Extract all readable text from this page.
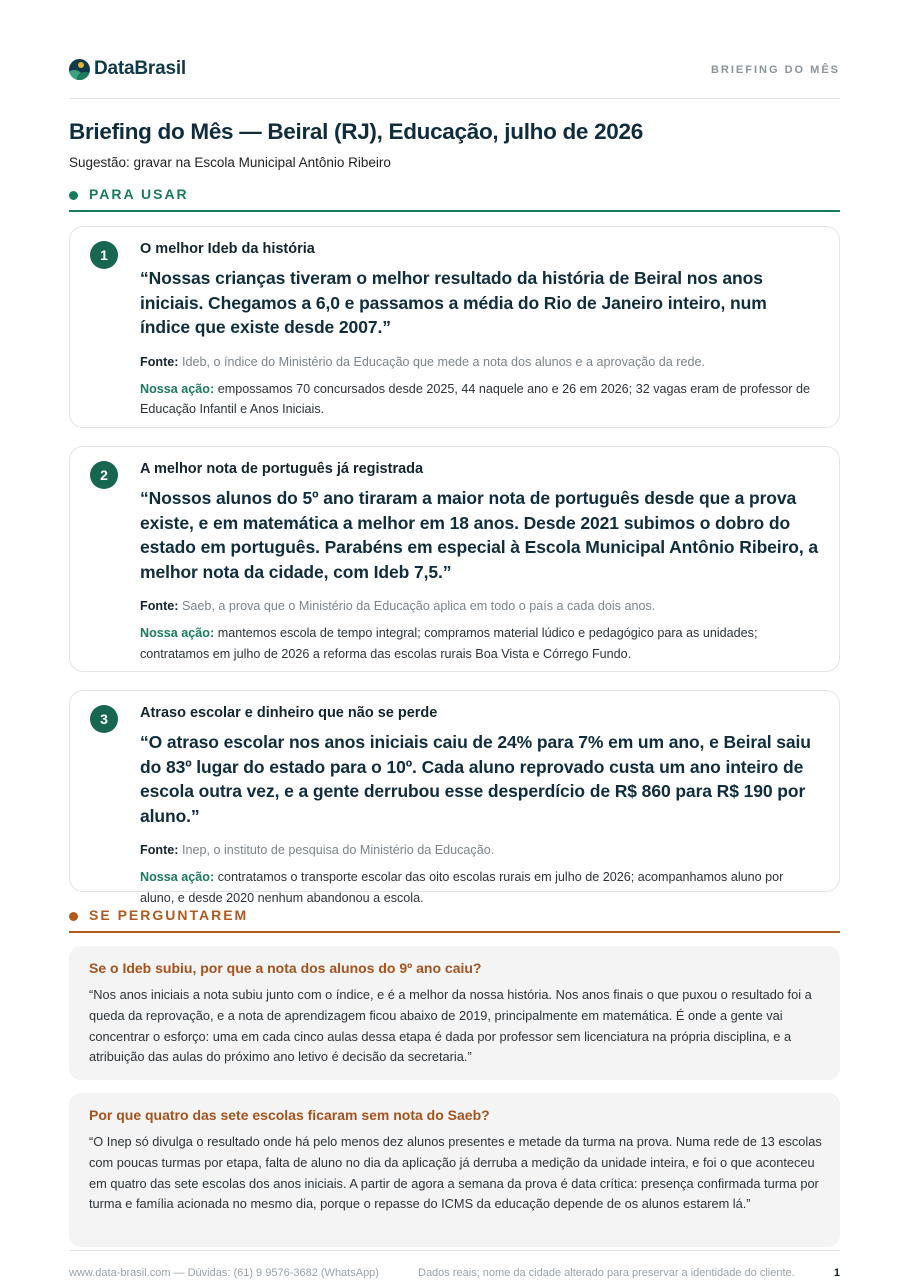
DataBrasil	BRIEFING DO MÊS
Briefing do Mês — Beiral (RJ), Educação, julho de 2026
Sugestão: gravar na Escola Municipal Antônio Ribeiro
PARA USAR
1	O melhor Ideb da história
“Nossas crianças tiveram o melhor resultado da história de Beiral nos anos iniciais. Chegamos a 6,0 e passamos a média do Rio de Janeiro inteiro, num índice que existe desde 2007.”
Fonte: Ideb, o índice do Ministério da Educação que mede a nota dos alunos e a aprovação da rede.
Nossa ação: empossamos 70 concursados desde 2025, 44 naquele ano e 26 em 2026; 32 vagas eram de professor de Educação Infantil e Anos Iniciais.
2	A melhor nota de português já registrada
“Nossos alunos do 5º ano tiraram a maior nota de português desde que a prova existe, e em matemática a melhor em 18 anos. Desde 2021 subimos o dobro do estado em português. Parabéns em especial à Escola Municipal Antônio Ribeiro, a melhor nota da cidade, com Ideb 7,5.”
Fonte: Saeb, a prova que o Ministério da Educação aplica em todo o país a cada dois anos.
Nossa ação: mantemos escola de tempo integral; compramos material lúdico e pedagógico para as unidades; contratamos em julho de 2026 a reforma das escolas rurais Boa Vista e Córrego Fundo.
3	Atraso escolar e dinheiro que não se perde
“O atraso escolar nos anos iniciais caiu de 24% para 7% em um ano, e Beiral saiu do 83º lugar do estado para o 10º. Cada aluno reprovado custa um ano inteiro de escola outra vez, e a gente derrubou esse desperdício de R$ 860 para R$ 190 por aluno.”
Fonte: Inep, o instituto de pesquisa do Ministério da Educação.
Nossa ação: contratamos o transporte escolar das oito escolas rurais em julho de 2026; acompanhamos aluno por aluno, e desde 2020 nenhum abandonou a escola.
SE PERGUNTAREM
Se o Ideb subiu, por que a nota dos alunos do 9º ano caiu?

“Nos anos iniciais a nota subiu junto com o índice, e é a melhor da nossa história. Nos anos finais o que puxou o resultado foi a queda da reprovação, e a nota de aprendizagem ficou abaixo de 2019, principalmente em matemática. É onde a gente vai concentrar o esforço: uma em cada cinco aulas dessa etapa é dada por professor sem licenciatura na própria disciplina, e a atribuição das aulas do próximo ano letivo é decisão da secretaria.”

Por que quatro das sete escolas ficaram sem nota do Saeb?

“O Inep só divulga o resultado onde há pelo menos dez alunos presentes e metade da turma na prova. Numa rede de 13 escolas com poucas turmas por etapa, falta de aluno no dia da aplicação já derruba a medição da unidade inteira, e foi o que aconteceu em quatro das sete escolas dos anos iniciais. A partir de agora a semana da prova é data crítica: presença confirmada turma por turma e família acionada no mesmo dia, porque o repasse do ICMS da educação depende de os alunos estarem lá.”

www.data-brasil.com — Dúvidas: (61) 9 9576-3682 (WhatsApp)	Dados reais; nome da cidade alterado para preservar a identidade do cliente.	1
